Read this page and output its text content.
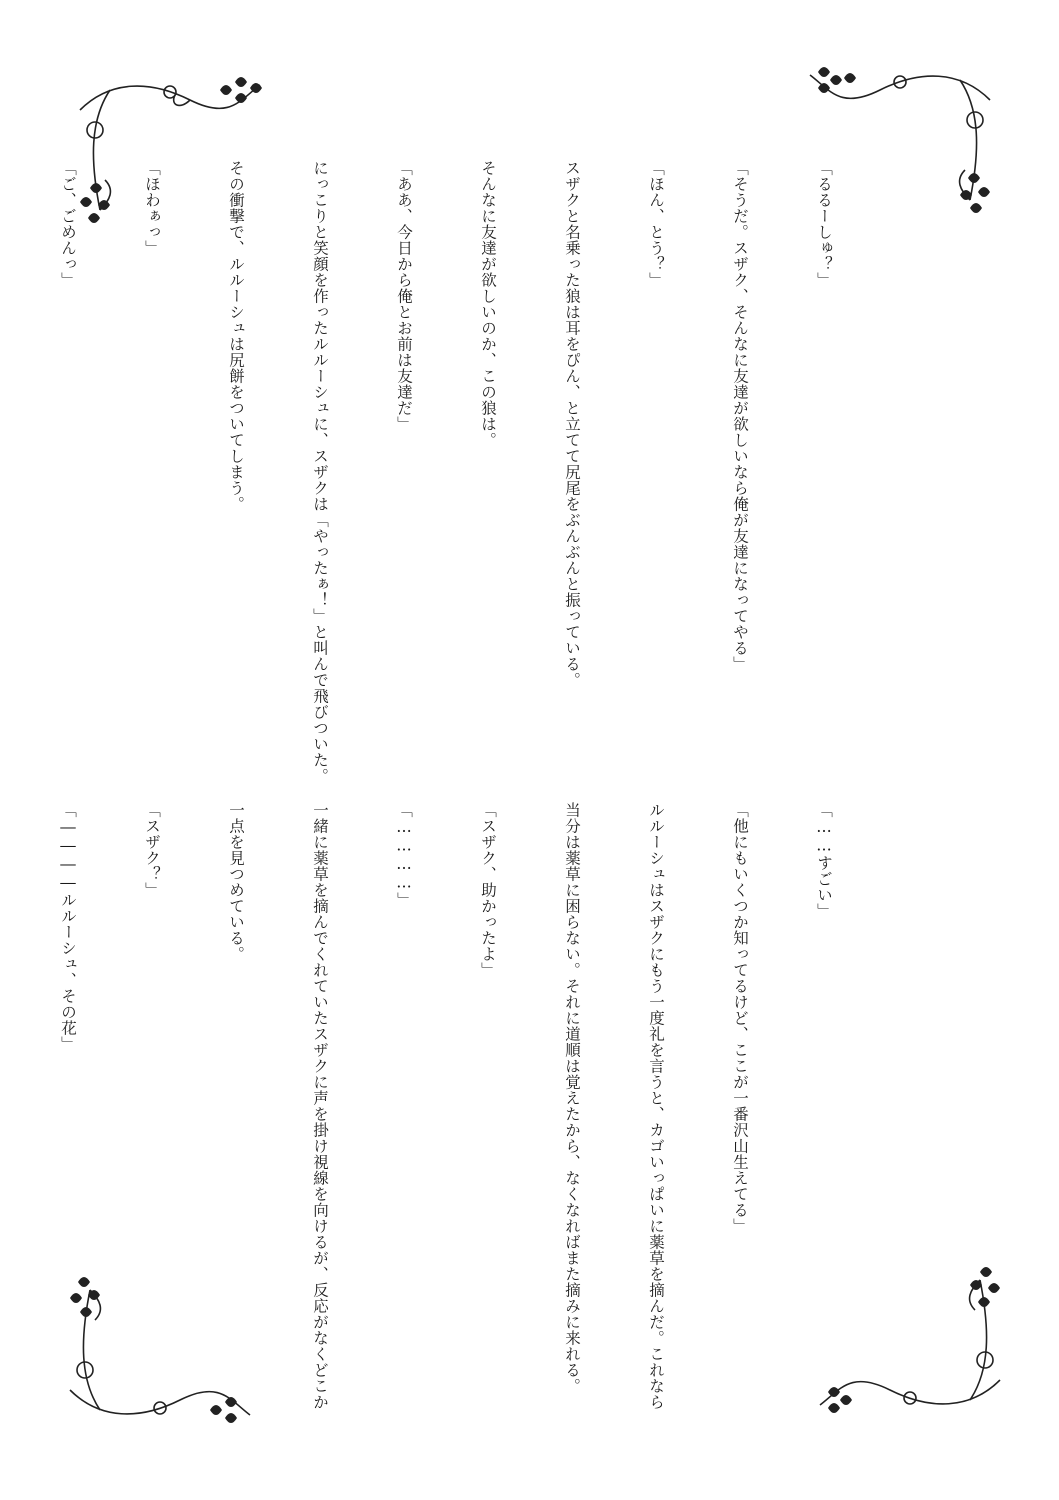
「るるーしゅ？」

「そうだ。スザク、そんなに友達が欲しいなら俺が友達になってやる」

「ほん、とう？」

スザクと名乗った狼は耳をぴん、と立てて尻尾をぶんぶんと振っている。

そんなに友達が欲しいのか、この狼は。

「ああ、今日から俺とお前は友達だ」

にっこりと笑顔を作ったルルーシュに、スザクは「やったぁ！」と叫んで飛びついた。

その衝撃で、ルルーシュは尻餅をついてしまう。

「ほわぁっ」

「ご、ごめんっ」

「……すごい」

「他にもいくつか知ってるけど、ここが一番沢山生えてる」

ルルーシュはスザクにもう一度礼を言うと、カゴいっぱいに薬草を摘んだ。これなら

当分は薬草に困らない。それに道順は覚えたから、なくなればまた摘みに来れる。

「スザク、助かったよ」

「…………」

一緒に薬草を摘んでくれていたスザクに声を掛け視線を向けるが、反応がなくどこか

一点を見つめている。

「スザク？」

「――――ルルーシュ、その花」
